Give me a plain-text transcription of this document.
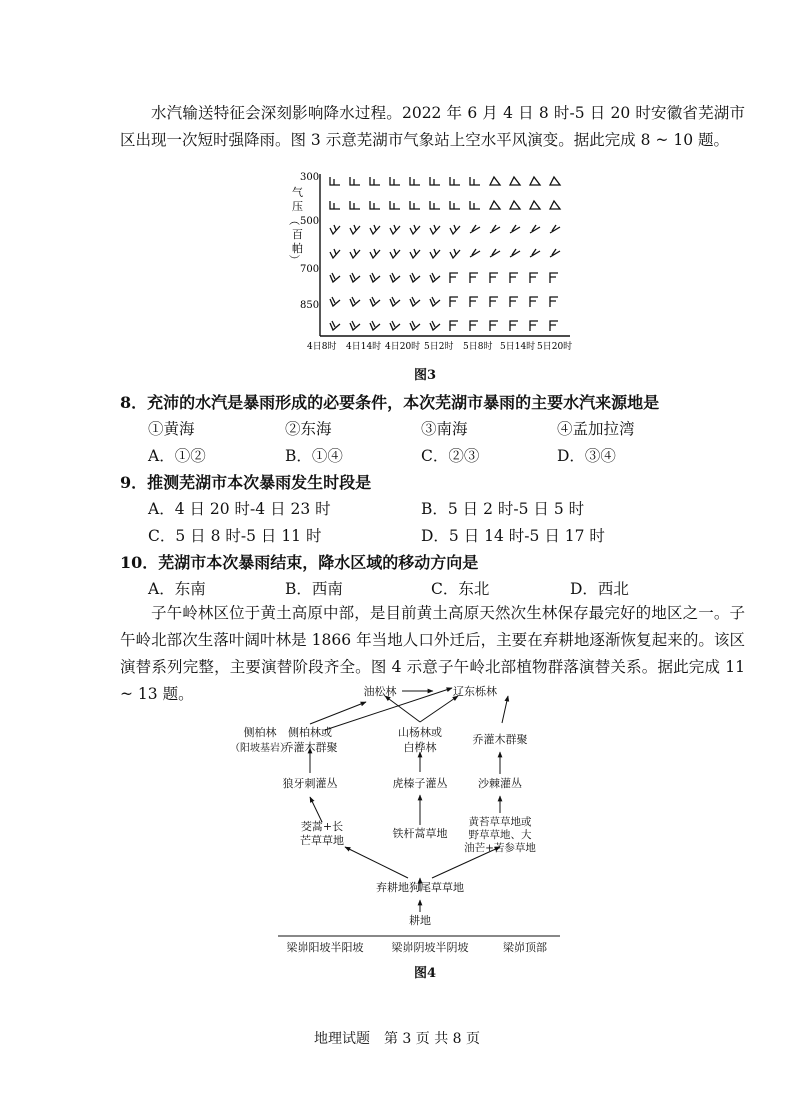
水汽输送特征会深刻影响降水过程。2022 年 6 月 4 日 8 时-5 日 20 时安徽省芜湖市区出现一次短时强降雨。图 3 示意芜湖市气象站上空水平风演变。据此完成 8 ~ 10 题。

气
压
︵
百
帕
︶
300
500
700
850
4日8时 4日14时 4日20时 5日2时 5日8时 5日14时 5日20时
图3
8．充沛的水汽是暴雨形成的必要条件，本次芜湖市暴雨的主要水汽来源地是
①黄海	②东海	③南海	④孟加拉湾
A．①②	B．①④	C．②③	D．③④
9．推测芜湖市本次暴雨发生时段是
A．4 日 20 时-4 日 23 时	B．5 日 2 时-5 日 5 时
C．5 日 8 时-5 日 11 时	D．5 日 14 时-5 日 17 时
10．芜湖市本次暴雨结束，降水区域的移动方向是
A．东南	B．西南	C．东北	D．西北

子午岭林区位于黄土高原中部，是目前黄土高原天然次生林保存最完好的地区之一。子午岭北部次生落叶阔叶林是 1866 年当地人口外迁后，主要在弃耕地逐渐恢复起来的。该区演替系列完整，主要演替阶段齐全。图 4 示意子午岭北部植物群落演替关系。据此完成 11 ~ 13 题。	油松林	辽东栎林
侧柏林
（阳坡基岩）
侧柏林或
乔灌木群聚
山杨林或
白桦林
乔灌木群聚
狼牙刺灌丛	虎榛子灌丛	沙棘灌丛
茭蒿+长
芒草草地
铁杆蒿草地
黄苔草草地或
野草草地、大
油芒+苦参草地
弃耕地狗尾草草地
耕地
梁峁阳坡半阳坡	梁峁阴坡半阴坡	梁峁顶部
图4
地理试题　第 3 页 共 8 页
